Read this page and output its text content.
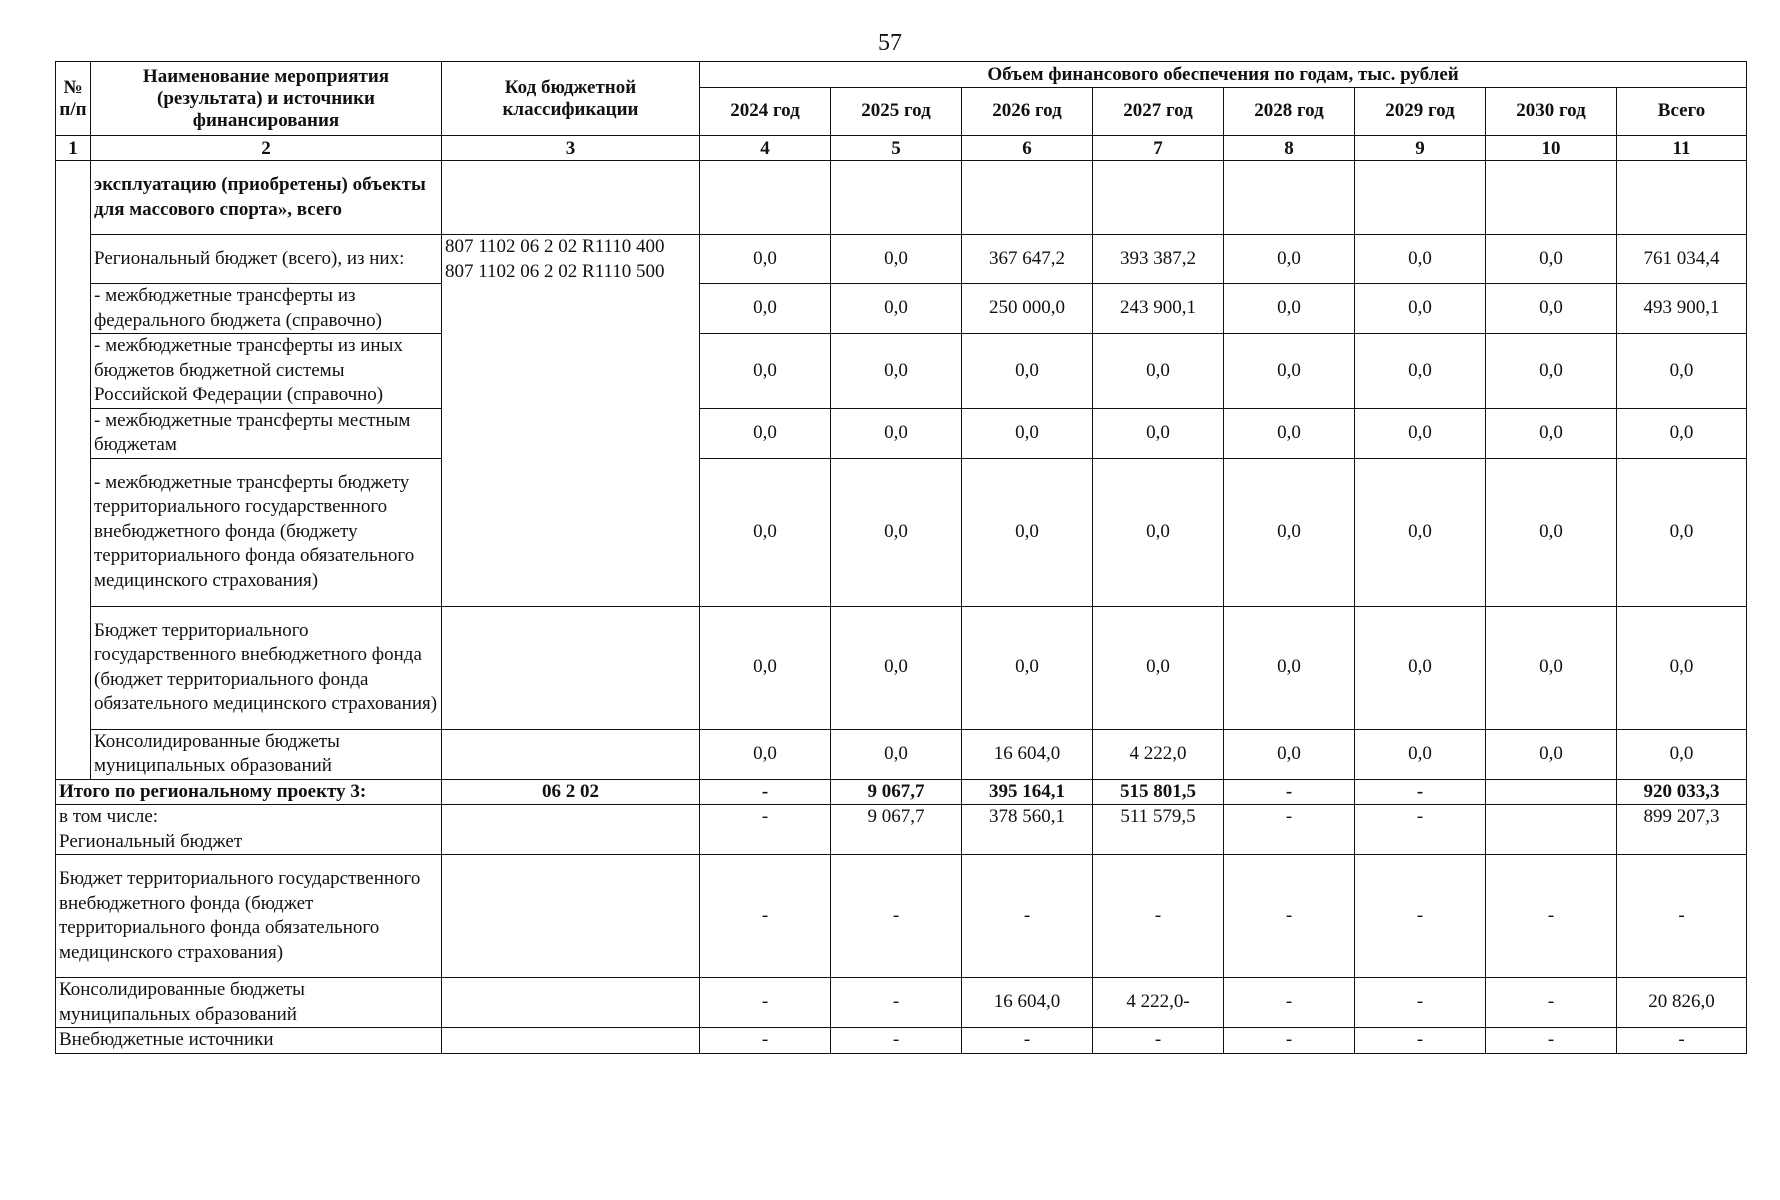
57
№ п/п	Наименование мероприятия (результата) и источники финансирования	Код бюджетной классификации	Объем финансового обеспечения по годам, тыс. рублей							
			2024 год	2025 год	2026 год	2027 год	2028 год	2029 год	2030 год	Всего
1	2	3	4	5	6	7	8	9	10	11
	эксплуатацию (приобретены) объекты для массового спорта», всего									
	Региональный бюджет (всего), из них:	807 1102 06 2 02 R1110 400
807 1102 06 2 02 R1110 500	0,0	0,0	367 647,2	393 387,2	0,0	0,0	0,0	761 034,4
	- межбюджетные трансферты из федерального бюджета (справочно)		0,0	0,0	250 000,0	243 900,1	0,0	0,0	0,0	493 900,1
	- межбюджетные трансферты из иных бюджетов бюджетной системы Российской Федерации (справочно)		0,0	0,0	0,0	0,0	0,0	0,0	0,0	0,0
	- межбюджетные трансферты местным бюджетам		0,0	0,0	0,0	0,0	0,0	0,0	0,0	0,0
	- межбюджетные трансферты бюджету территориального государственного внебюджетного фонда (бюджету территориального фонда обязательного медицинского страхования)		0,0	0,0	0,0	0,0	0,0	0,0	0,0	0,0
	Бюджет территориального государственного внебюджетного фонда (бюджет территориального фонда обязательного медицинского страхования)		0,0	0,0	0,0	0,0	0,0	0,0	0,0	0,0
	Консолидированные бюджеты муниципальных образований		0,0	0,0	16 604,0	4 222,0	0,0	0,0	0,0	0,0
Итого по региональному проекту 3:		06 2 02	-	9 067,7	395 164,1	515 801,5	-	-		920 033,3
в том числе:
Региональный бюджет			-	9 067,7	378 560,1	511 579,5	-	-		899 207,3
Бюджет территориального государственного внебюджетного фонда (бюджет территориального фонда обязательного медицинского страхования)			-	-	-	-	-	-	-	-
Консолидированные бюджеты муниципальных образований			-	-	16 604,0	4 222,0-	-	-	-	20 826,0
Внебюджетные источники			-	-	-	-	-	-	-	-
